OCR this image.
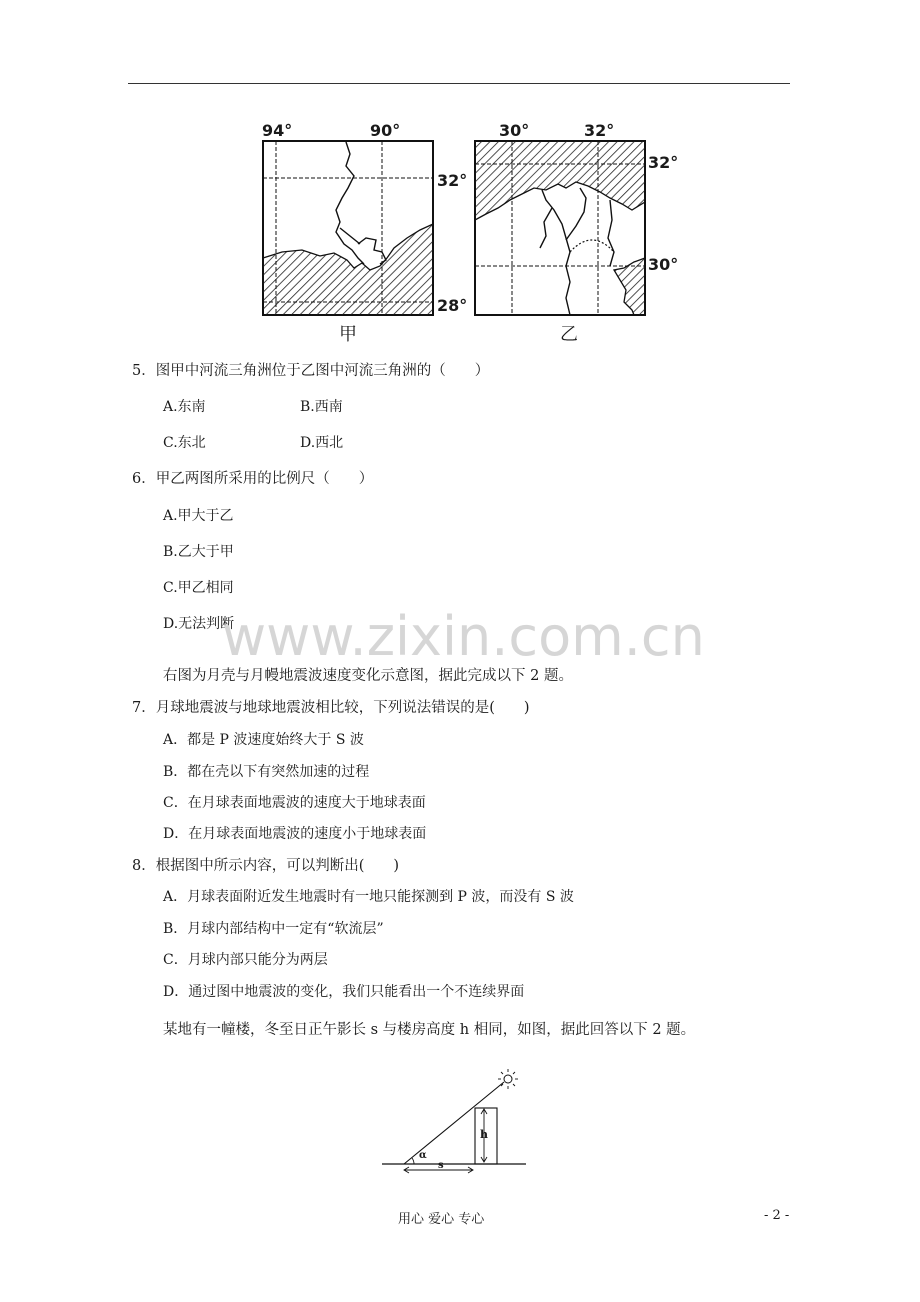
94°	90°
32°
28°
甲
30°	32°
32°
30°
乙
5．图甲中河流三角洲位于乙图中河流三角洲的（　　）
A.东南	B.西南
C.东北	D.西北
6．甲乙两图所采用的比例尺（　　）
A.甲大于乙
B.乙大于甲
C.甲乙相同
D.无法判断
www.zixin.com.cn
右图为月壳与月幔地震波速度变化示意图，据此完成以下 2 题。
7．月球地震波与地球地震波相比较，下列说法错误的是(　　)
A．都是 P 波速度始终大于 S 波
B．都在壳以下有突然加速的过程
C．在月球表面地震波的速度大于地球表面
D．在月球表面地震波的速度小于地球表面
8．根据图中所示内容，可以判断出(　　)
A．月球表面附近发生地震时有一地只能探测到 P 波，而没有 S 波
B．月球内部结构中一定有“软流层”
C．月球内部只能分为两层
D．通过图中地震波的变化，我们只能看出一个不连续界面
某地有一幢楼，冬至日正午影长 s 与楼房高度 h 相同，如图，据此回答以下 2 题。
α
s
h
用心 爱心 专心	- 2 -
